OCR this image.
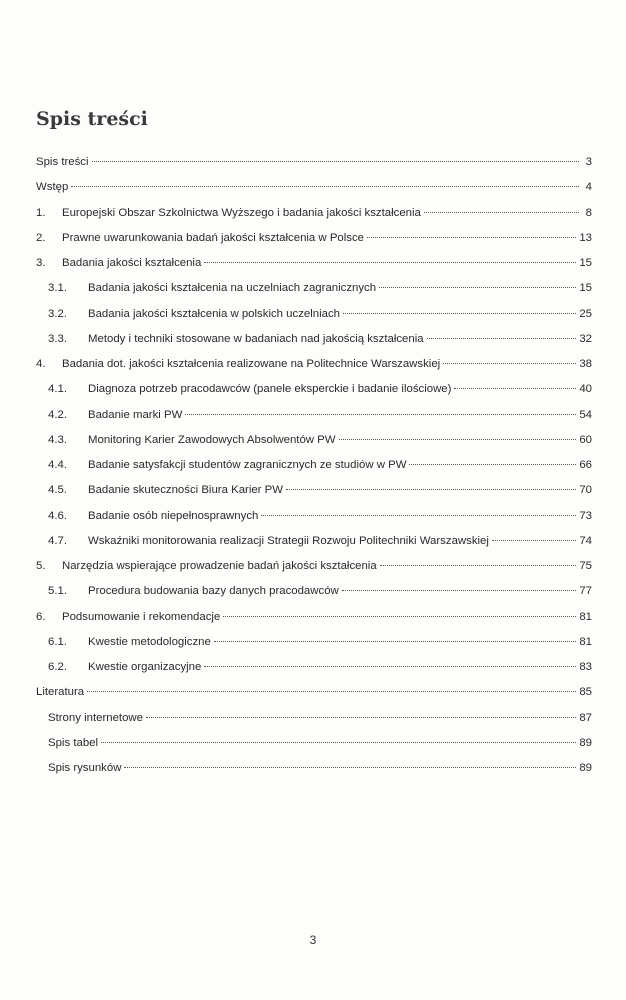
Spis treści
Spis treści	3
Wstęp	4
1.	Europejski Obszar Szkolnictwa Wyższego i badania jakości kształcenia	8
2.	Prawne uwarunkowania badań jakości kształcenia w Polsce	13
3.	Badania jakości kształcenia	15
3.1.	Badania jakości kształcenia na uczelniach zagranicznych	15
3.2.	Badania jakości kształcenia w polskich uczelniach	25
3.3.	Metody i techniki stosowane w badaniach nad jakością kształcenia	32
4.	Badania dot. jakości kształcenia realizowane na Politechnice Warszawskiej	38
4.1.	Diagnoza potrzeb pracodawców (panele eksperckie i badanie ilościowe)	40
4.2.	Badanie marki PW	54
4.3.	Monitoring Karier Zawodowych Absolwentów PW	60
4.4.	Badanie satysfakcji studentów zagranicznych ze studiów w PW	66
4.5.	Badanie skuteczności Biura Karier PW	70
4.6.	Badanie osób niepełnosprawnych	73
4.7.	Wskaźniki monitorowania realizacji Strategii Rozwoju Politechniki Warszawskiej	74
5.	Narzędzia wspierające prowadzenie badań jakości kształcenia	75
5.1.	Procedura budowania bazy danych pracodawców	77
6.	Podsumowanie i rekomendacje	81
6.1.	Kwestie metodologiczne	81
6.2.	Kwestie organizacyjne	83
Literatura	85
Strony internetowe	87
Spis tabel	89
Spis rysunków	89
3
